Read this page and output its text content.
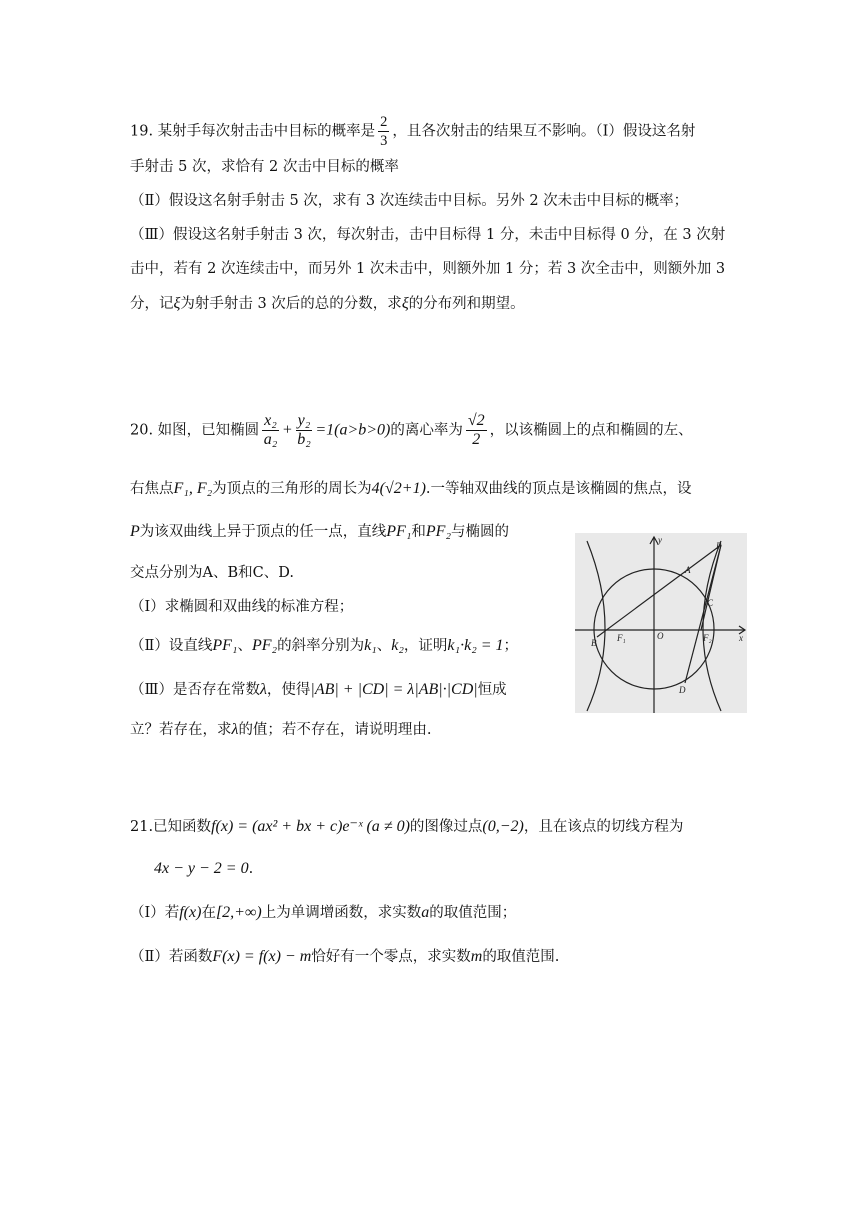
19. 某射手每次射击击中目标的概率是 $\frac{2}{3}$ ，且各次射击的结果互不影响。（Ⅰ）假设这名射
手射击 5 次，求恰有 2 次击中目标的概率
（Ⅱ）假设这名射手射击 5 次，求有 3 次连续击中目标。另外 2 次未击中目标的概率；
（Ⅲ）假设这名射手射击 3 次，每次射击，击中目标得 1 分，未击中目标得 0 分，在 3 次射
击中，若有 2 次连续击中，而另外 1 次未击中，则额外加 1 分；若 3 次全击中，则额外加 3
分，记ξ为射手射击 3 次后的总的分数，求ξ的分布列和期望。
20. 如图，已知椭圆 $\frac{\text{x₂}}{\text{a₂}} + \frac{\text{y₂}}{\text{b₂}} =1(a>b>0)$的离心率为 $\frac{√2}{2}$ ，以该椭圆上的点和椭圆的左、
右焦点F₁, F₂为顶点的三角形的周长为4(√2+1).一等轴双曲线的顶点是该椭圆的焦点，设
P为该双曲线上异于顶点的任一点，直线PF₁和PF₂与椭圆的
交点分别为A、B和C、D.
（Ⅰ）求椭圆和双曲线的标准方程；
（Ⅱ）设直线PF₁、PF₂的斜率分别为k₁、k₂，证明k₁·k₂ = 1；
（Ⅲ）是否存在常数λ，使得|AB| + |CD| = λ|AB|·|CD|恒成
立？若存在，求λ的值；若不存在，请说明理由.
y
P
A
C
B F₁	O	F₂	x
D
21.已知函数f(x) = (ax² + bx + c)e⁻ˣ (a ≠ 0)的图像过点(0,−2)，且在该点的切线方程为
4x − y − 2 = 0.
（Ⅰ）若f(x)在[2,+∞)上为单调增函数，求实数a的取值范围；
（Ⅱ）若函数F(x) = f(x) − m恰好有一个零点，求实数m的取值范围.
